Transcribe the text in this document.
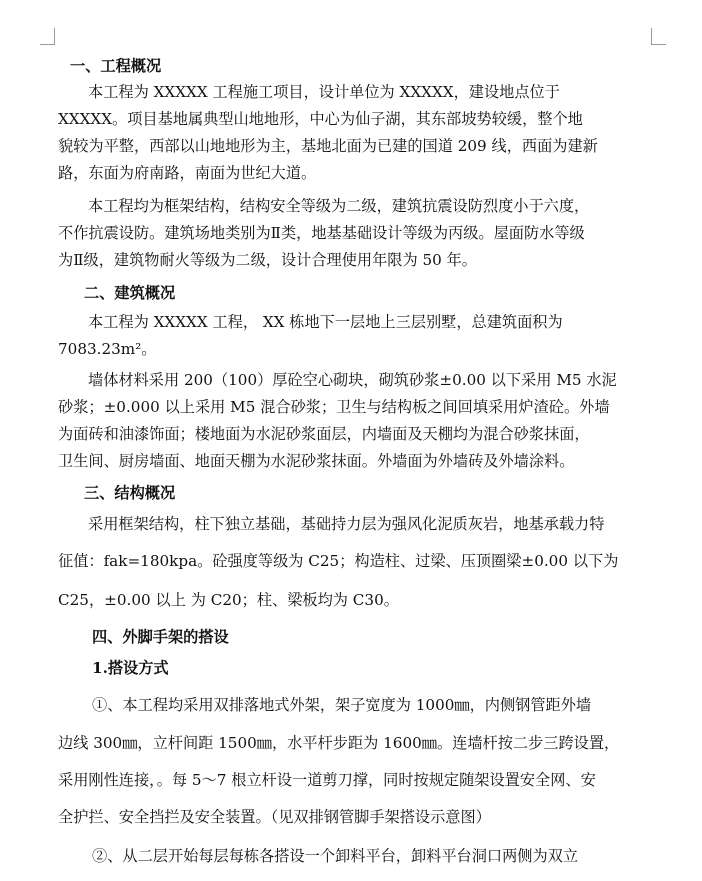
一、工程概况
本工程为 XXXXX 工程施工项目，设计单位为 XXXXX，建设地点位于
XXXXX。项目基地属典型山地地形，中心为仙子湖，其东部坡势较缓，整个地
貌较为平整，西部以山地地形为主，基地北面为已建的国道 209 线，西面为建新
路，东面为府南路，南面为世纪大道。
本工程均为框架结构，结构安全等级为二级，建筑抗震设防烈度小于六度，
不作抗震设防。建筑场地类别为Ⅱ类，地基基础设计等级为丙级。屋面防水等级
为Ⅱ级，建筑物耐火等级为二级，设计合理使用年限为 50 年。
二、建筑概况
本工程为 XXXXX 工程， XX 栋地下一层地上三层别墅，总建筑面积为
7083.23m²。
墙体材料采用 200（100）厚砼空心砌块，砌筑砂浆±0.00 以下采用 M5 水泥
砂浆；±0.000 以上采用 M5 混合砂浆；卫生与结构板之间回填采用炉渣砼。外墙
为面砖和油漆饰面；楼地面为水泥砂浆面层，内墙面及天棚均为混合砂浆抹面，
卫生间、厨房墙面、地面天棚为水泥砂浆抹面。外墙面为外墙砖及外墙涂料。
三、结构概况
采用框架结构，柱下独立基础，基础持力层为强风化泥质灰岩，地基承载力特
征值：fak=180kpa。砼强度等级为 C25；构造柱、过梁、压顶圈梁±0.00 以下为
C25，±0.00 以上 为 C20；柱、梁板均为 C30。
四、外脚手架的搭设
1.搭设方式
①、本工程均采用双排落地式外架，架子宽度为 1000㎜，内侧钢管距外墙
边线 300㎜，立杆间距 1500㎜，水平杆步距为 1600㎜。连墙杆按二步三跨设置，
采用刚性连接，。每 5～7 根立杆设一道剪刀撑，同时按规定随架设置安全网、安
全护拦、安全挡拦及安全装置。（见双排钢管脚手架搭设示意图）
②、从二层开始每层每栋各搭设一个卸料平台，卸料平台洞口两侧为双立
